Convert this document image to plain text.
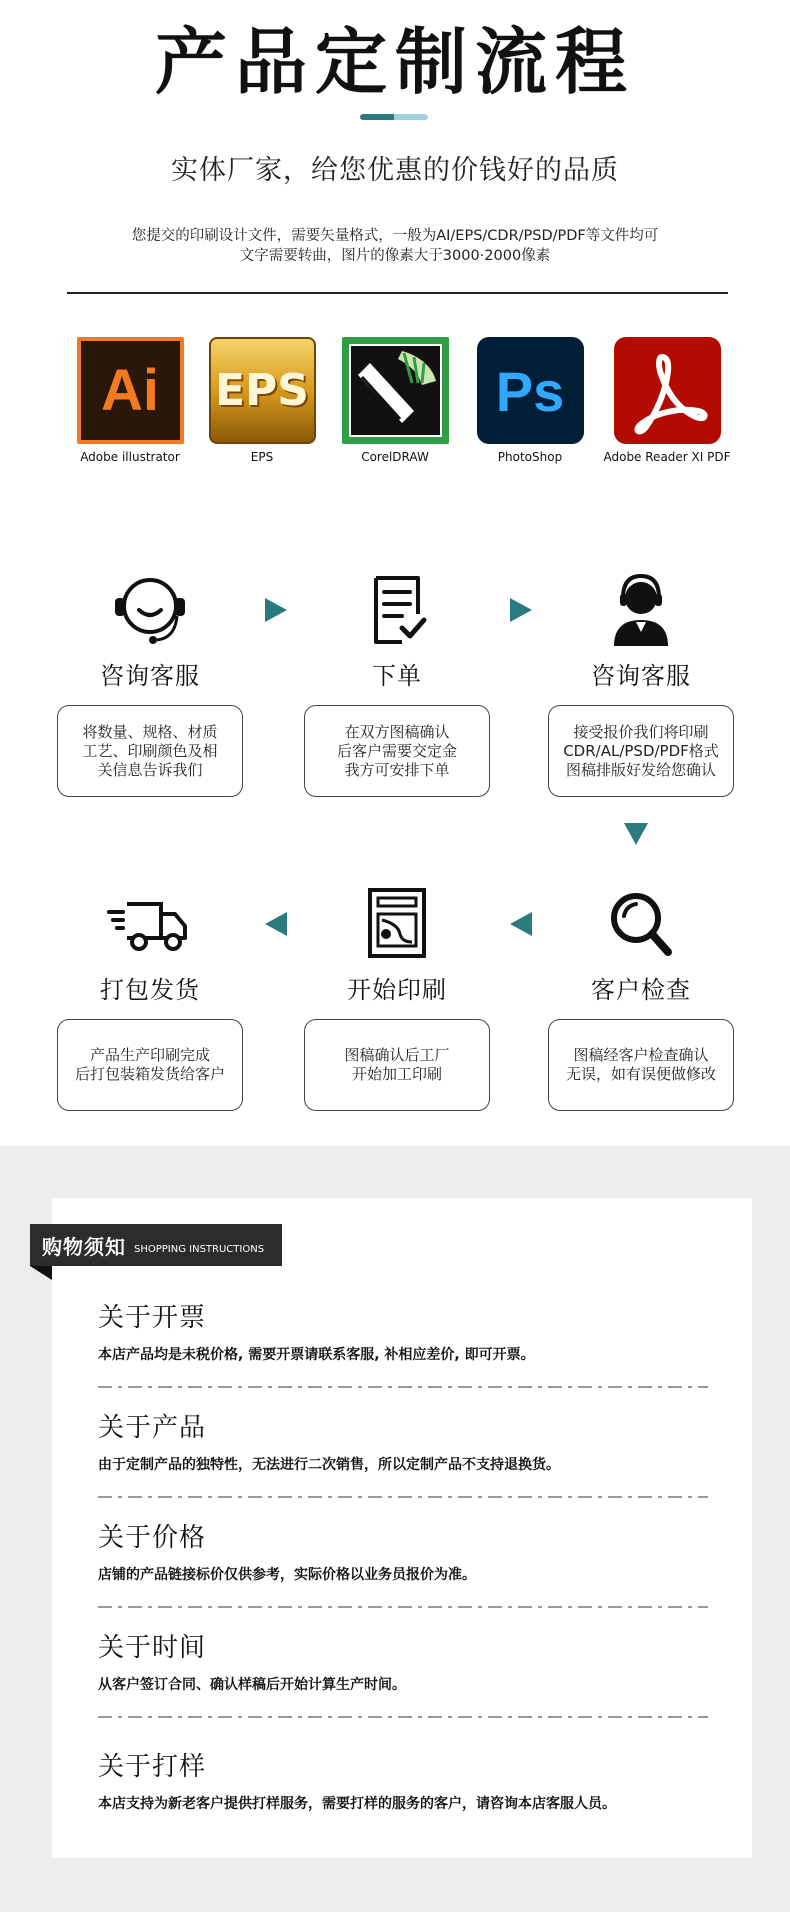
产品定制流程
实体厂家，给您优惠的价钱好的品质
您提交的印刷设计文件，需要矢量格式，一般为AI/EPS/CDR/PSD/PDF等文件均可
文字需要转曲，图片的像素大于3000·2000像素
Ai
Adobe illustrator
EPS
EPS	CorelDRAW
Ps
PhotoShop	Adobe Reader XI PDF
咨询客服
将数量、规格、材质
工艺、印刷颜色及相
关信息告诉我们
下单
在双方图稿确认
后客户需要交定金
我方可安排下单
咨询客服
接受报价我们将印刷
CDR/AL/PSD/PDF格式
图稿排版好发给您确认
客户检查
图稿经客户检查确认
无误，如有误便做修改
开始印刷
图稿确认后工厂
开始加工印刷
打包发货
产品生产印刷完成
后打包装箱发货给客户
购物须知 SHOPPING INSTRUCTIONS
关于开票
本店产品均是未税价格, 需要开票请联系客服, 补相应差价, 即可开票。
关于产品
由于定制产品的独特性，无法进行二次销售，所以定制产品不支持退换货。
关于价格
店铺的产品链接标价仅供参考，实际价格以业务员报价为准。
关于时间
从客户签订合同、确认样稿后开始计算生产时间。
关于打样
本店支持为新老客户提供打样服务，需要打样的服务的客户，请咨询本店客服人员。
